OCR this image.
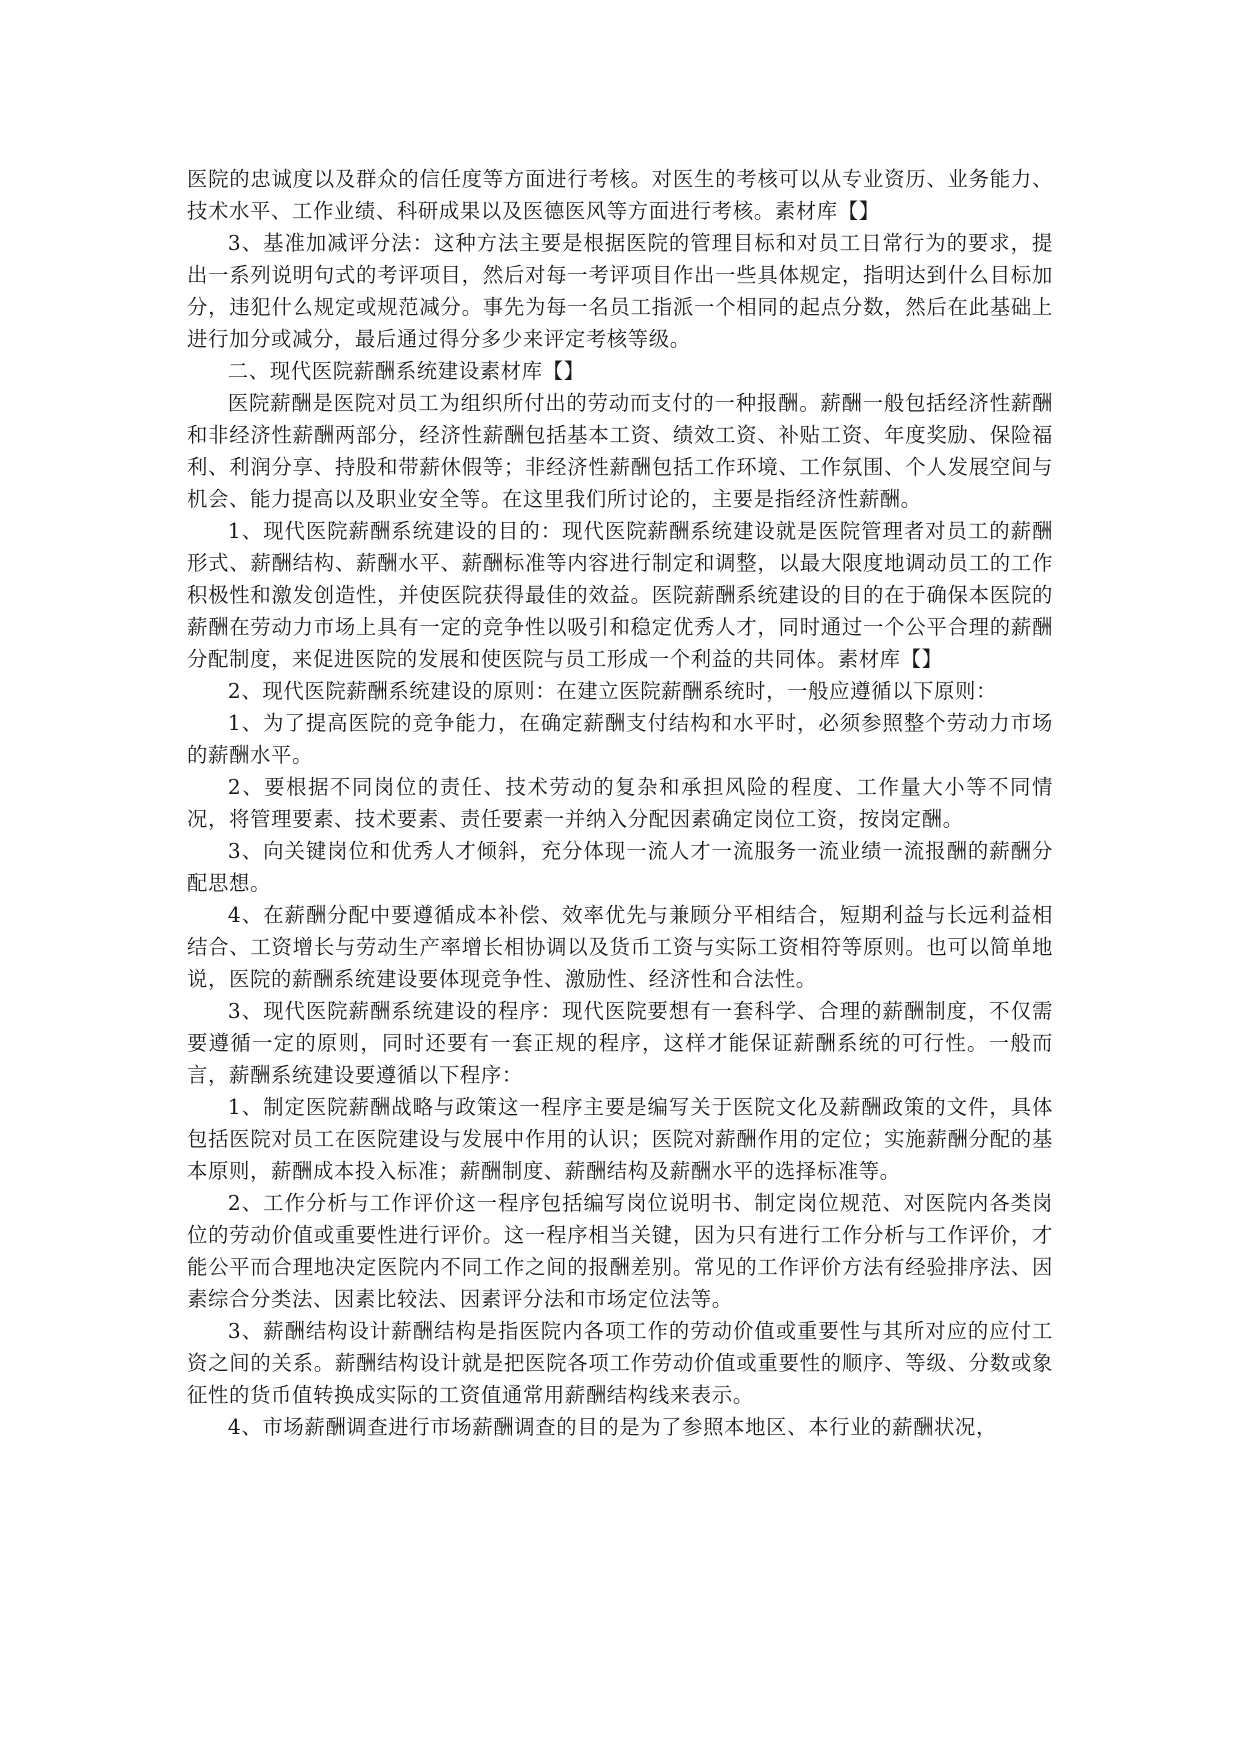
医院的忠诚度以及群众的信任度等方面进行考核。对医生的考核可以从专业资历、业务能力、技术水平、工作业绩、科研成果以及医德医风等方面进行考核。素材库【】

3、基准加减评分法：这种方法主要是根据医院的管理目标和对员工日常行为的要求，提出一系列说明句式的考评项目，然后对每一考评项目作出一些具体规定，指明达到什么目标加分，违犯什么规定或规范减分。事先为每一名员工指派一个相同的起点分数，然后在此基础上进行加分或减分，最后通过得分多少来评定考核等级。

二、现代医院薪酬系统建设素材库【】

医院薪酬是医院对员工为组织所付出的劳动而支付的一种报酬。薪酬一般包括经济性薪酬和非经济性薪酬两部分，经济性薪酬包括基本工资、绩效工资、补贴工资、年度奖励、保险福利、利润分享、持股和带薪休假等；非经济性薪酬包括工作环境、工作氛围、个人发展空间与机会、能力提高以及职业安全等。在这里我们所讨论的，主要是指经济性薪酬。

1、现代医院薪酬系统建设的目的：现代医院薪酬系统建设就是医院管理者对员工的薪酬形式、薪酬结构、薪酬水平、薪酬标准等内容进行制定和调整，以最大限度地调动员工的工作积极性和激发创造性，并使医院获得最佳的效益。医院薪酬系统建设的目的在于确保本医院的薪酬在劳动力市场上具有一定的竞争性以吸引和稳定优秀人才，同时通过一个公平合理的薪酬分配制度，来促进医院的发展和使医院与员工形成一个利益的共同体。素材库【】

2、现代医院薪酬系统建设的原则：在建立医院薪酬系统时，一般应遵循以下原则：

1、为了提高医院的竞争能力，在确定薪酬支付结构和水平时，必须参照整个劳动力市场的薪酬水平。

2、要根据不同岗位的责任、技术劳动的复杂和承担风险的程度、工作量大小等不同情况，将管理要素、技术要素、责任要素一并纳入分配因素确定岗位工资，按岗定酬。

3、向关键岗位和优秀人才倾斜，充分体现一流人才一流服务一流业绩一流报酬的薪酬分配思想。

4、在薪酬分配中要遵循成本补偿、效率优先与兼顾分平相结合，短期利益与长远利益相结合、工资增长与劳动生产率增长相协调以及货币工资与实际工资相符等原则。也可以简单地说，医院的薪酬系统建设要体现竞争性、激励性、经济性和合法性。

3、现代医院薪酬系统建设的程序：现代医院要想有一套科学、合理的薪酬制度，不仅需要遵循一定的原则，同时还要有一套正规的程序，这样才能保证薪酬系统的可行性。一般而言，薪酬系统建设要遵循以下程序：

1、制定医院薪酬战略与政策这一程序主要是编写关于医院文化及薪酬政策的文件，具体包括医院对员工在医院建设与发展中作用的认识；医院对薪酬作用的定位；实施薪酬分配的基本原则，薪酬成本投入标准；薪酬制度、薪酬结构及薪酬水平的选择标准等。

2、工作分析与工作评价这一程序包括编写岗位说明书、制定岗位规范、对医院内各类岗位的劳动价值或重要性进行评价。这一程序相当关键，因为只有进行工作分析与工作评价，才能公平而合理地决定医院内不同工作之间的报酬差别。常见的工作评价方法有经验排序法、因素综合分类法、因素比较法、因素评分法和市场定位法等。

3、薪酬结构设计薪酬结构是指医院内各项工作的劳动价值或重要性与其所对应的应付工资之间的关系。薪酬结构设计就是把医院各项工作劳动价值或重要性的顺序、等级、分数或象征性的货币值转换成实际的工资值通常用薪酬结构线来表示。

4、市场薪酬调查进行市场薪酬调查的目的是为了参照本地区、本行业的薪酬状况，
